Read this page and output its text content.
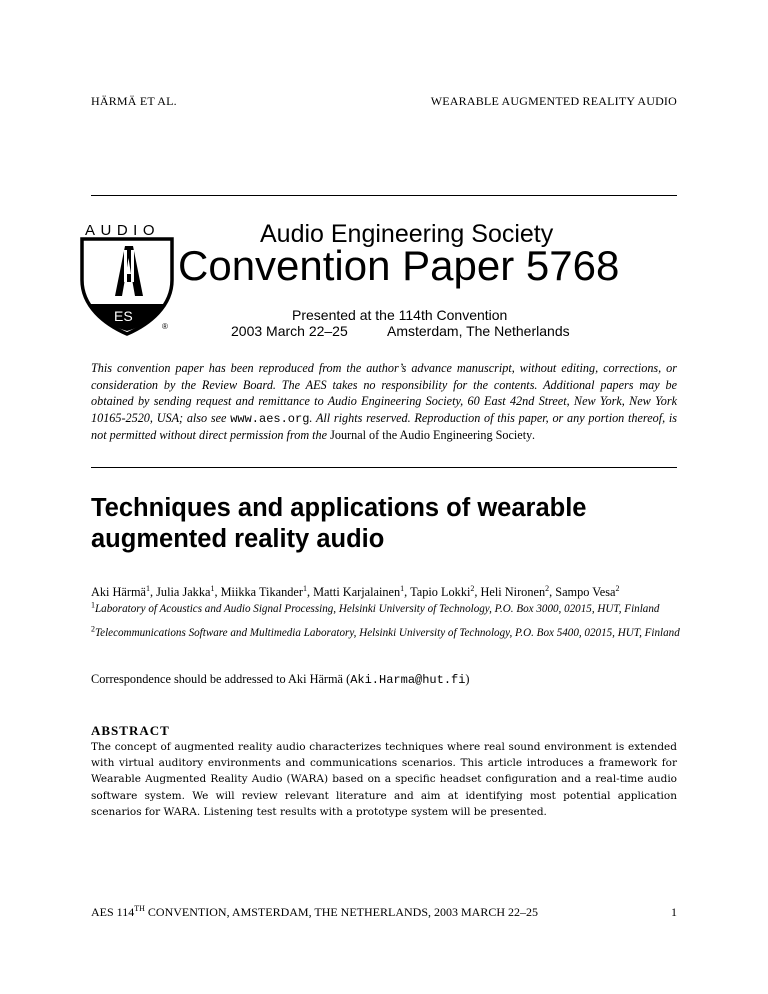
HÄRMÄ ET AL.	WEARABLE AUGMENTED REALITY AUDIO
AUDIO
ES
®
Audio Engineering Society
Convention Paper 5768
Presented at the 114th Convention
2003 March 22–25	Amsterdam, The Netherlands
This convention paper has been reproduced from the author’s advance manuscript, without editing, corrections, or consideration by the Review Board. The AES takes no responsibility for the contents. Additional papers may be obtained by sending request and remittance to Audio Engineering Society, 60 East 42nd Street, New York, New York 10165-2520, USA; also see www.aes.org. All rights reserved. Reproduction of this paper, or any portion thereof, is not permitted without direct permission from the Journal of the Audio Engineering Society.
Techniques and applications of wearable augmented reality audio
Aki Härmä$^1$, Julia Jakka$^1$, Miikka Tikander$^1$, Matti Karjalainen$^1$, Tapio Lokki$^2$, Heli Nironen$^2$, Sampo Vesa$^2$
$^1$Laboratory of Acoustics and Audio Signal Processing, Helsinki University of Technology, P.O. Box 3000, 02015, HUT, Finland
$^2$Telecommunications Software and Multimedia Laboratory, Helsinki University of Technology, P.O. Box 5400, 02015, HUT, Finland
Correspondence should be addressed to Aki Härmä (Aki.Harma@hut.fi)
ABSTRACT
The concept of augmented reality audio characterizes techniques where real sound environment is extended with virtual auditory environments and communications scenarios. This article introduces a framework for Wearable Augmented Reality Audio (WARA) based on a specific headset configuration and a real-time audio software system. We will review relevant literature and aim at identifying most potential application scenarios for WARA. Listening test results with a prototype system will be presented.
AES 114TH CONVENTION, AMSTERDAM, THE NETHERLANDS, 2003 MARCH 22–25	1
